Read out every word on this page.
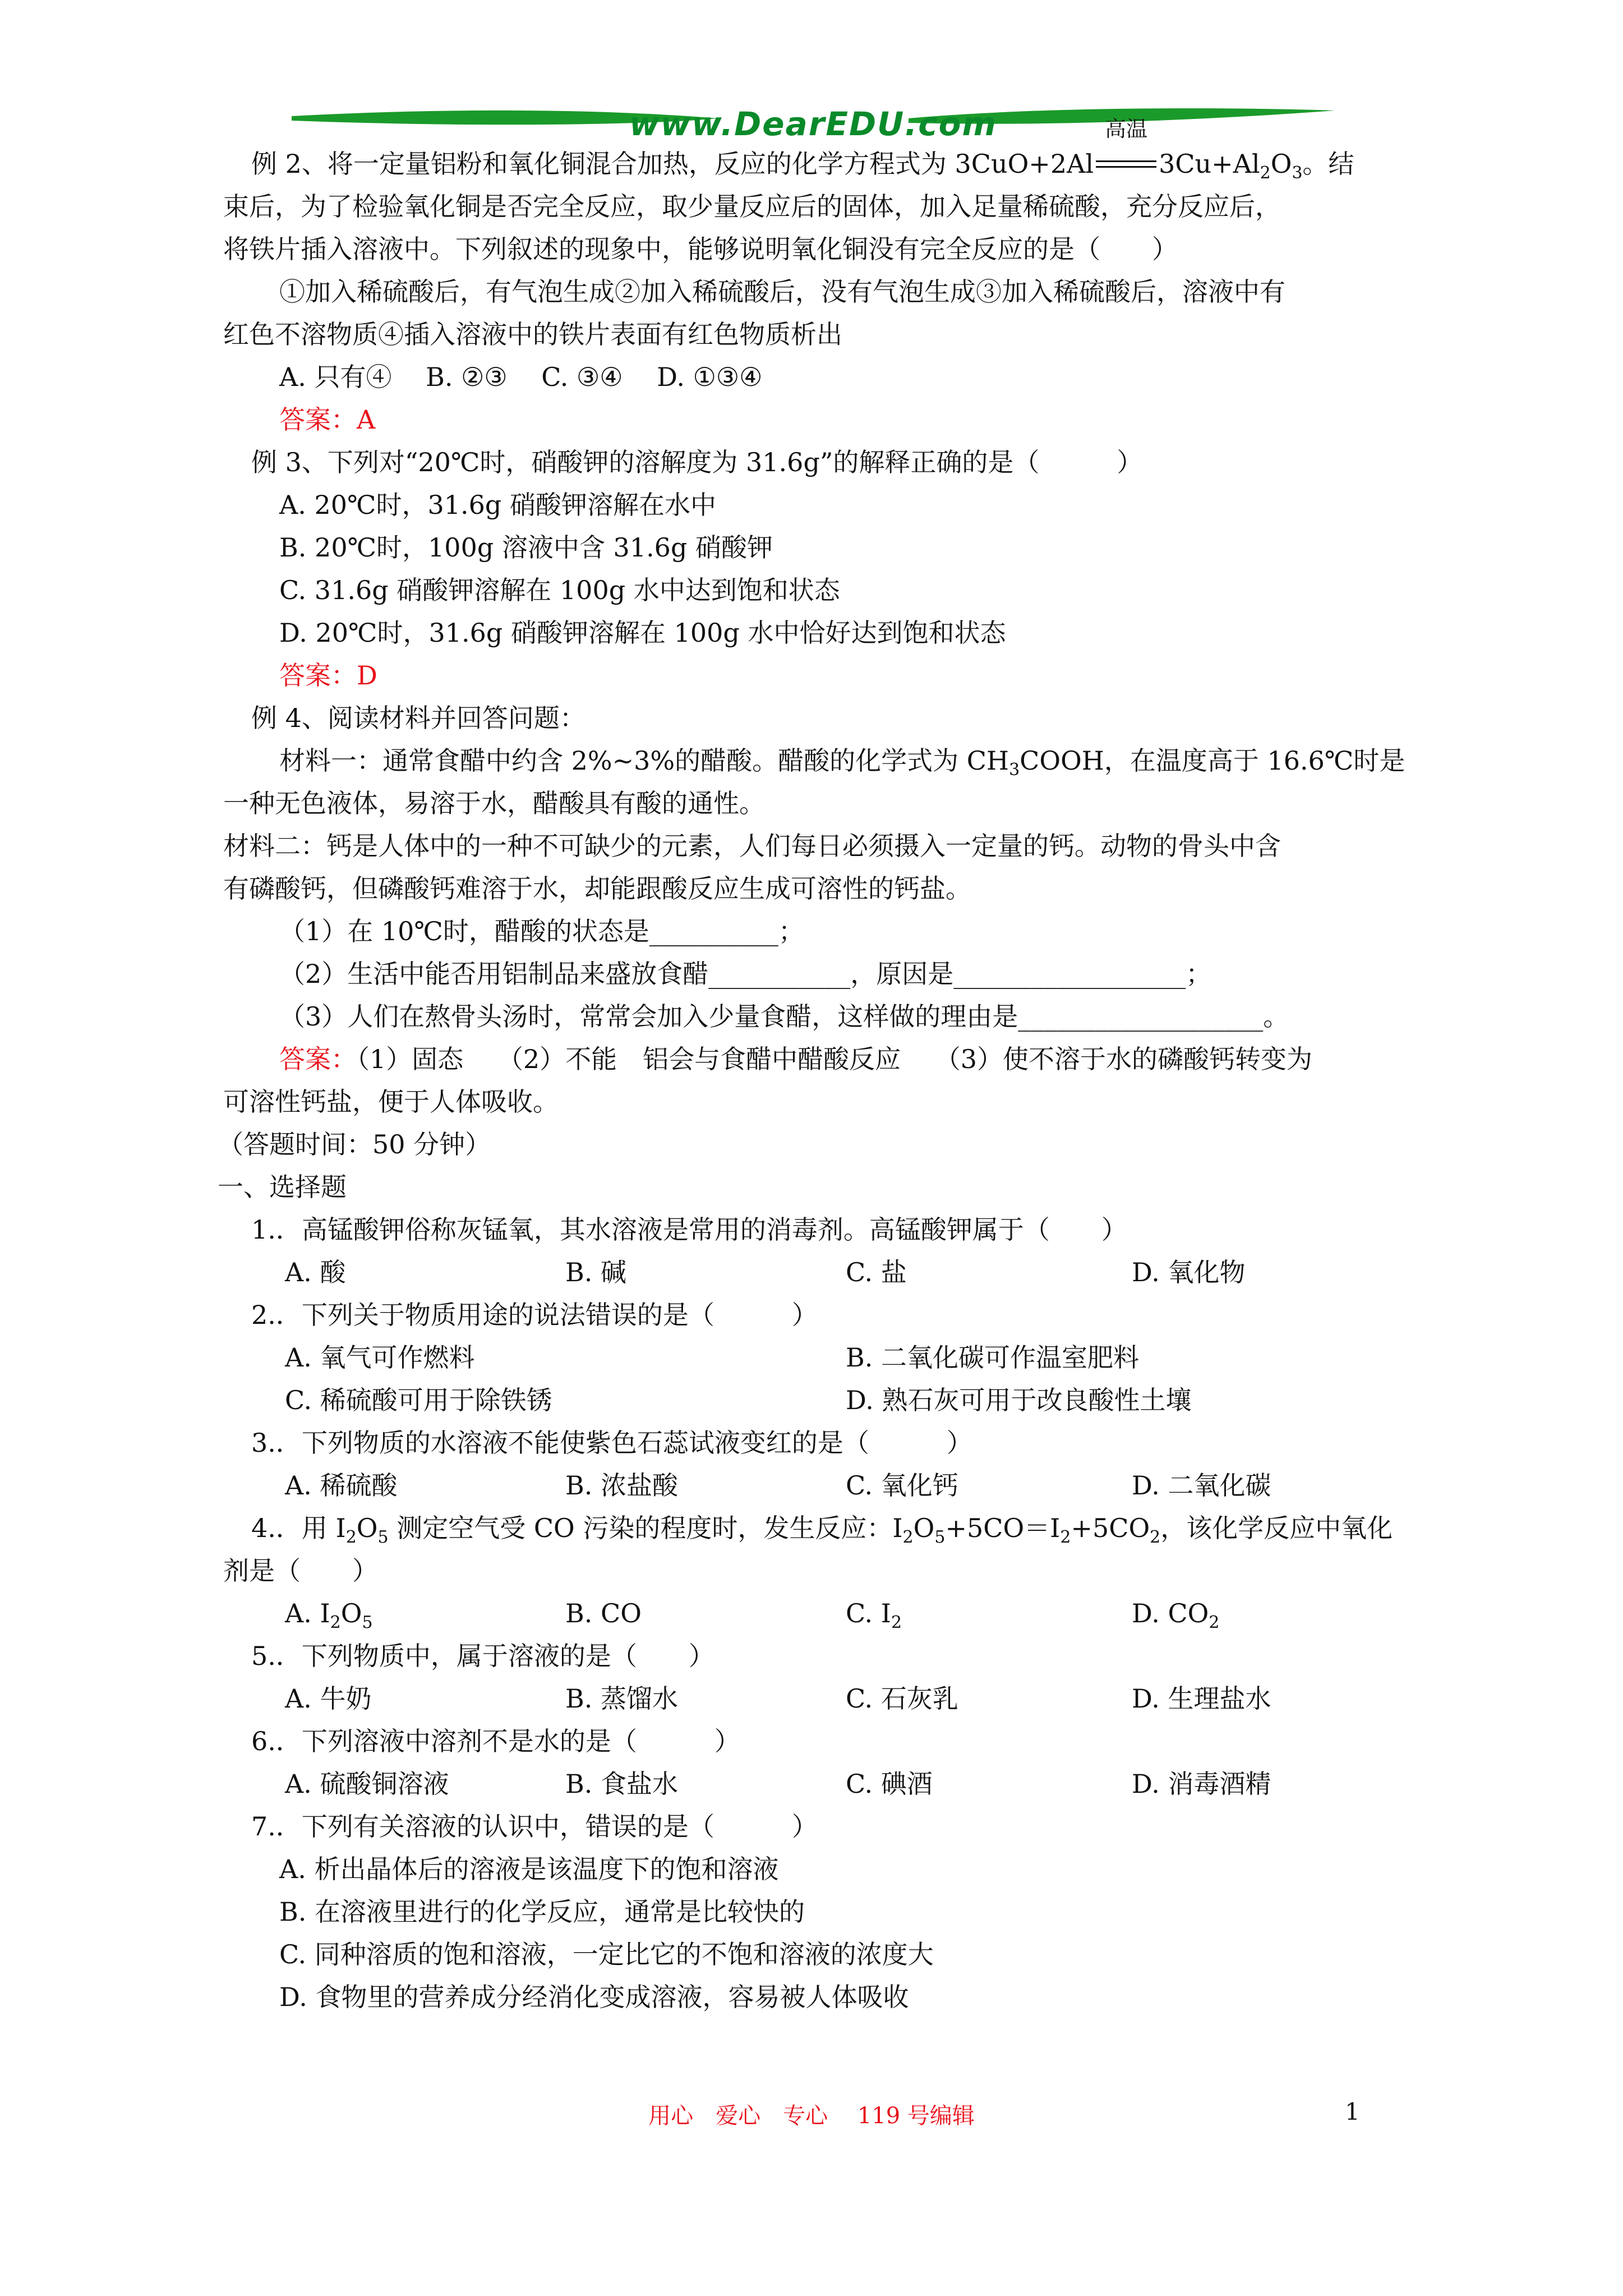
www.DearEDU.com
例 2、将一定量铝粉和氧化铜混合加热，反应的化学方程式为 3CuO+2Al
高温
$3Cu+Al_2O_3$。结
束后，为了检验氧化铜是否完全反应，取少量反应后的固体，加入足量稀硫酸，充分反应后，
将铁片插入溶液中。下列叙述的现象中，能够说明氧化铜没有完全反应的是（　　）
①加入稀硫酸后，有气泡生成②加入稀硫酸后，没有气泡生成③加入稀硫酸后，溶液中有
红色不溶物质④插入溶液中的铁片表面有红色物质析出
A. 只有④　 B. ②③　 C. ③④　 D. ①③④
答案：A
例 3、下列对“20℃时，硝酸钾的溶解度为 31.6g”的解释正确的是（　　　）
A. 20℃时，31.6g 硝酸钾溶解在水中
B. 20℃时，100g 溶液中含 31.6g 硝酸钾
C. 31.6g 硝酸钾溶解在 100g 水中达到饱和状态
D. 20℃时，31.6g 硝酸钾溶解在 100g 水中恰好达到饱和状态
答案：D
例 4、阅读材料并回答问题：
材料一：通常食醋中约含 2%~3%的醋酸。醋酸的化学式为 $CH_3COOH$，在温度高于 16.6℃时是
一种无色液体，易溶于水，醋酸具有酸的通性。
材料二：钙是人体中的一种不可缺少的元素，人们每日必须摄入一定量的钙。动物的骨头中含
有磷酸钙，但磷酸钙难溶于水，却能跟酸反应生成可溶性的钙盐。
（1）在 10℃时，醋酸的状态是__________；
（2）生活中能否用铝制品来盛放食醋___________，原因是__________________；
（3）人们在熬骨头汤时，常常会加入少量食醋，这样做的理由是___________________。
答案：（1）固态　 （2）不能　铝会与食醋中醋酸反应　 （3）使不溶于水的磷酸钙转变为
可溶性钙盐，便于人体吸收。
（答题时间：50 分钟）
一、选择题
1.．高锰酸钾俗称灰锰氧，其水溶液是常用的消毒剂。高锰酸钾属于（　　）
A. 酸	B. 碱	C. 盐	D. 氧化物
2.．下列关于物质用途的说法错误的是（　　　）
A. 氧气可作燃料	B. 二氧化碳可作温室肥料
C. 稀硫酸可用于除铁锈	D. 熟石灰可用于改良酸性土壤
3.．下列物质的水溶液不能使紫色石蕊试液变红的是（　　　）
A. 稀硫酸	B. 浓盐酸	C. 氧化钙	D. 二氧化碳
4.．用 $I_2O_5$ 测定空气受 CO 污染的程度时，发生反应：$I_2O_5+5CO=I_2+5CO_2$，该化学反应中氧化
剂是（　　）
A. $I_2O_5$	B. CO	C. $I_2$	D. $CO_2$
5.．下列物质中，属于溶液的是（　　）
A. 牛奶	B. 蒸馏水	C. 石灰乳	D. 生理盐水
6.．下列溶液中溶剂不是水的是（　　　）
A. 硫酸铜溶液	B. 食盐水	C. 碘酒	D. 消毒酒精
7.．下列有关溶液的认识中，错误的是（　　　）
A. 析出晶体后的溶液是该温度下的饱和溶液
B. 在溶液里进行的化学反应，通常是比较快的
C. 同种溶质的饱和溶液，一定比它的不饱和溶液的浓度大
D. 食物里的营养成分经消化变成溶液，容易被人体吸收
用心　爱心　专心　 119 号编辑	1
